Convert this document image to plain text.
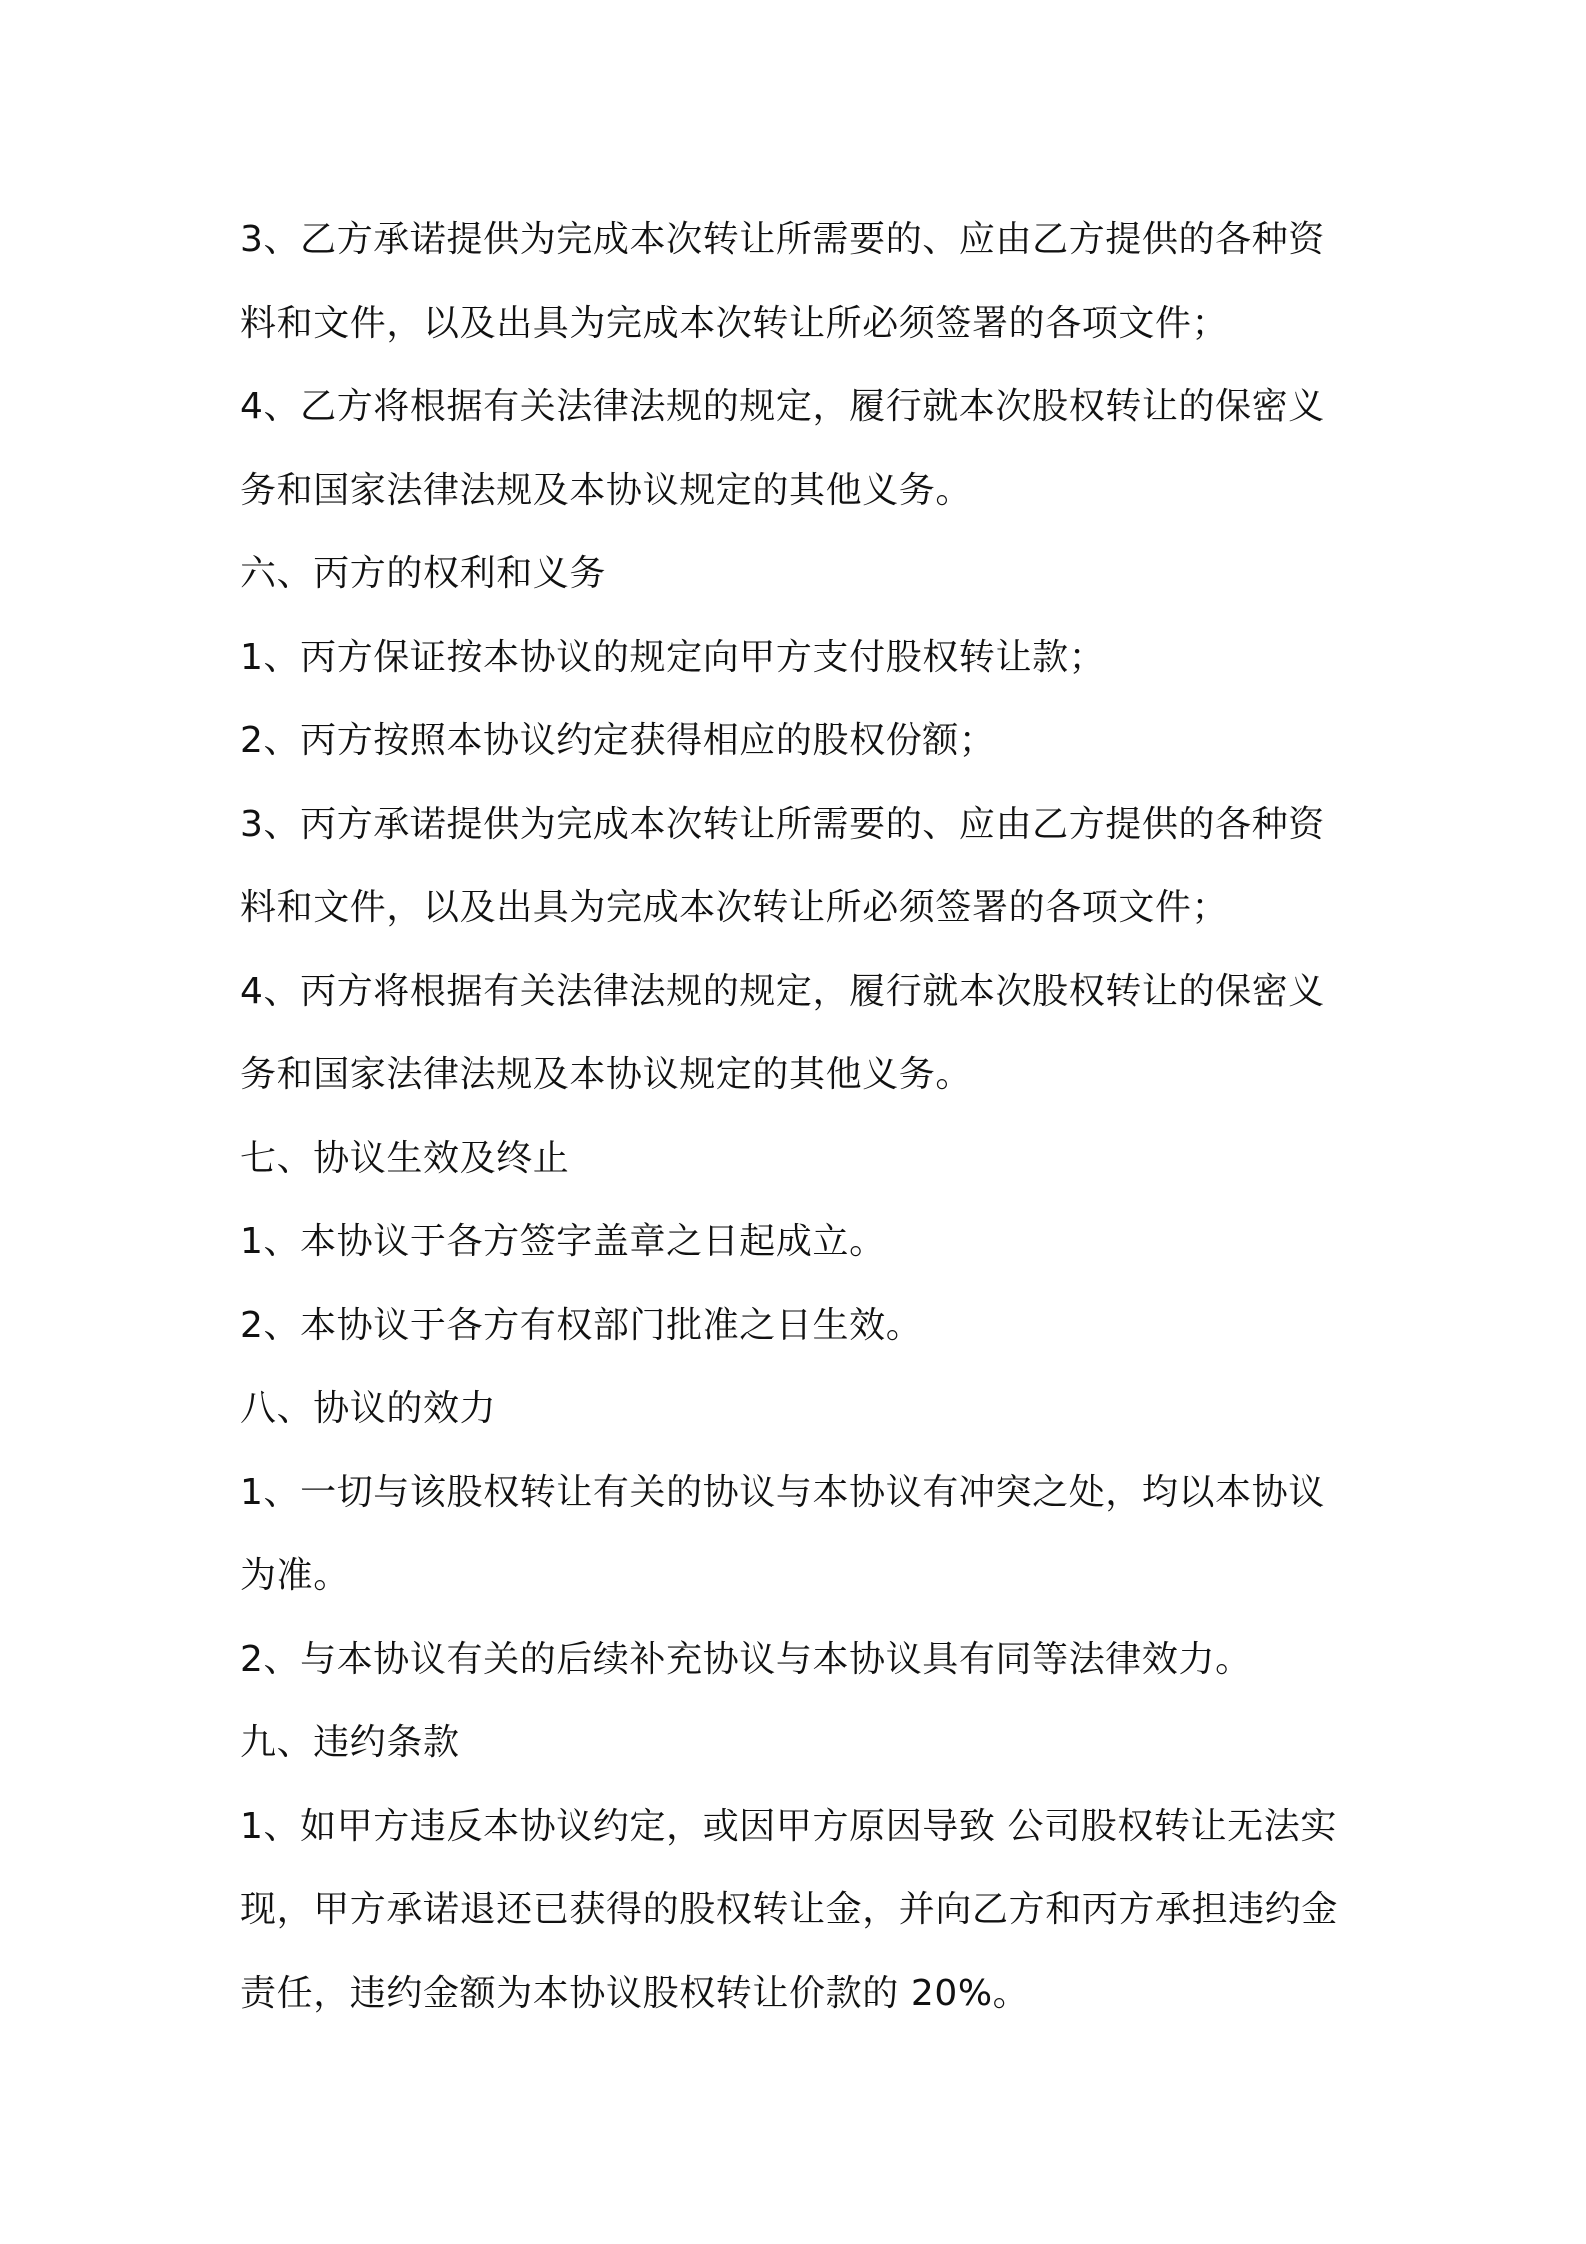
3、乙方承诺提供为完成本次转让所需要的、应由乙方提供的各种资
料和文件，以及出具为完成本次转让所必须签署的各项文件；
4、乙方将根据有关法律法规的规定，履行就本次股权转让的保密义
务和国家法律法规及本协议规定的其他义务。
六、丙方的权利和义务
1、丙方保证按本协议的规定向甲方支付股权转让款；
2、丙方按照本协议约定获得相应的股权份额；
3、丙方承诺提供为完成本次转让所需要的、应由乙方提供的各种资
料和文件，以及出具为完成本次转让所必须签署的各项文件；
4、丙方将根据有关法律法规的规定，履行就本次股权转让的保密义
务和国家法律法规及本协议规定的其他义务。
七、协议生效及终止
1、本协议于各方签字盖章之日起成立。
2、本协议于各方有权部门批准之日生效。
八、协议的效力
1、一切与该股权转让有关的协议与本协议有冲突之处，均以本协议
为准。
2、与本协议有关的后续补充协议与本协议具有同等法律效力。
九、违约条款
1、如甲方违反本协议约定，或因甲方原因导致 公司股权转让无法实
现，甲方承诺退还已获得的股权转让金，并向乙方和丙方承担违约金
责任，违约金额为本协议股权转让价款的 20%。
